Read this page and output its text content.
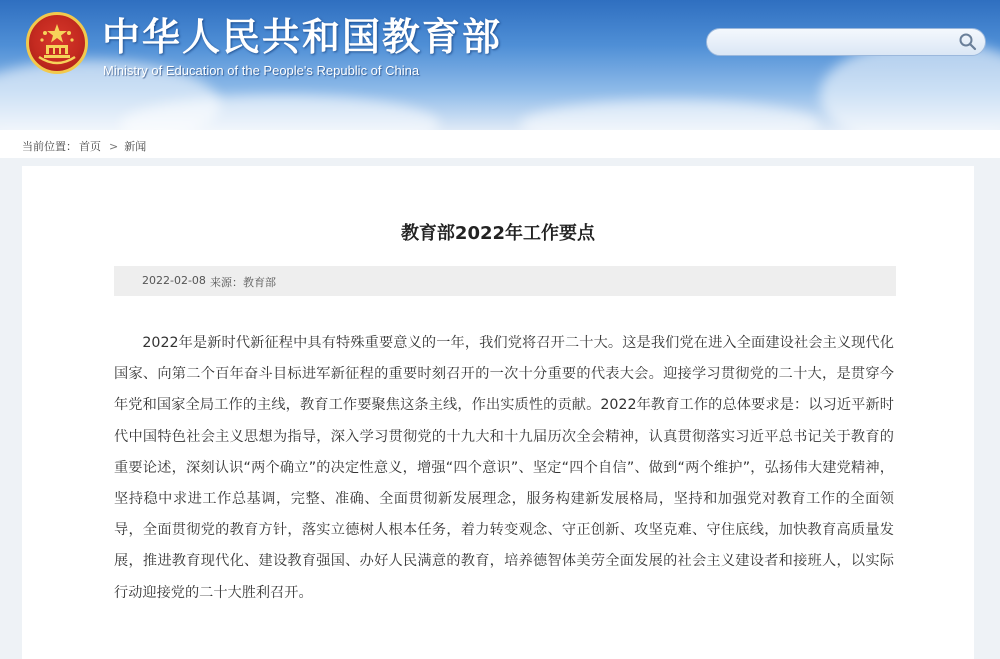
中华人民共和国教育部
Ministry of Education of the People's Republic of China
当前位置： 首页 > 新闻
教育部2022年工作要点
2022-02-08 来源：教育部

2022年是新时代新征程中具有特殊重要意义的一年，我们党将召开二十大。这是我们党在进入全面建设社会主义现代化国家、向第二个百年奋斗目标进军新征程的重要时刻召开的一次十分重要的代表大会。迎接学习贯彻党的二十大，是贯穿今年党和国家全局工作的主线，教育工作要聚焦这条主线，作出实质性的贡献。2022年教育工作的总体要求是：以习近平新时代中国特色社会主义思想为指导，深入学习贯彻党的十九大和十九届历次全会精神，认真贯彻落实习近平总书记关于教育的重要论述，深刻认识“两个确立”的决定性意义，增强“四个意识”、坚定“四个自信”、做到“两个维护”，弘扬伟大建党精神，坚持稳中求进工作总基调，完整、准确、全面贯彻新发展理念，服务构建新发展格局，坚持和加强党对教育工作的全面领导，全面贯彻党的教育方针，落实立德树人根本任务，着力转变观念、守正创新、攻坚克难、守住底线，加快教育高质量发展，推进教育现代化、建设教育强国、办好人民满意的教育，培养德智体美劳全面发展的社会主义建设者和接班人，以实际行动迎接党的二十大胜利召开。
